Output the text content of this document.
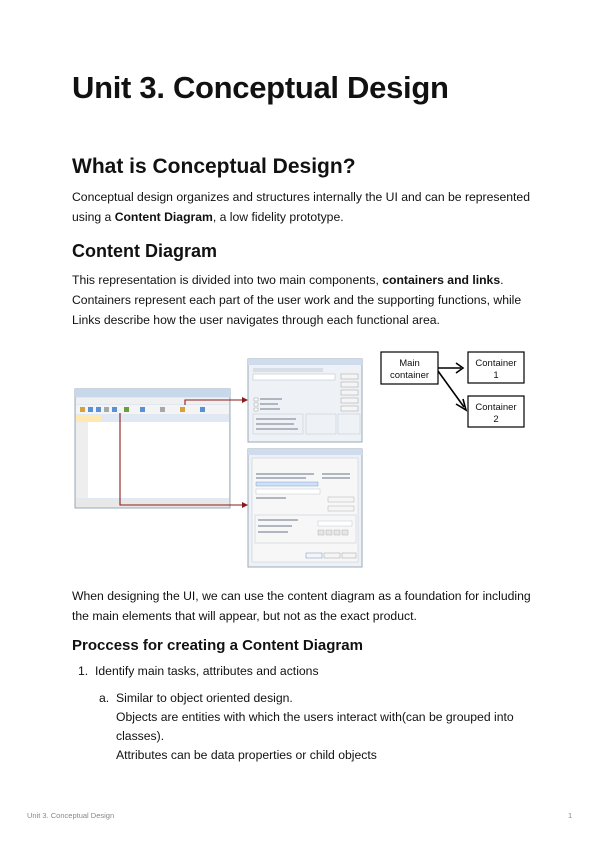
Unit 3. Conceptual Design
What is Conceptual Design?
Conceptual design organizes and structures internally the UI and can be represented using a Content Diagram, a low fidelity prototype.
Content Diagram
This representation is divided into two main components, containers and links. Containers represent each part of the user work and the supporting functions, while Links describe how the user navigates through each functional area.
Main
container
Container
1
Container
2
When designing the UI, we can use the content diagram as a foundation for including the main elements that will appear, but not as the exact product.
Proccess for creating a Content Diagram
1. Identify main tasks, attributes and actions
a. Similar to object oriented design.
Objects are entities with which the users interact with(can be grouped into classes).
Attributes can be data properties or child objects
Unit 3. Conceptual Design	1
